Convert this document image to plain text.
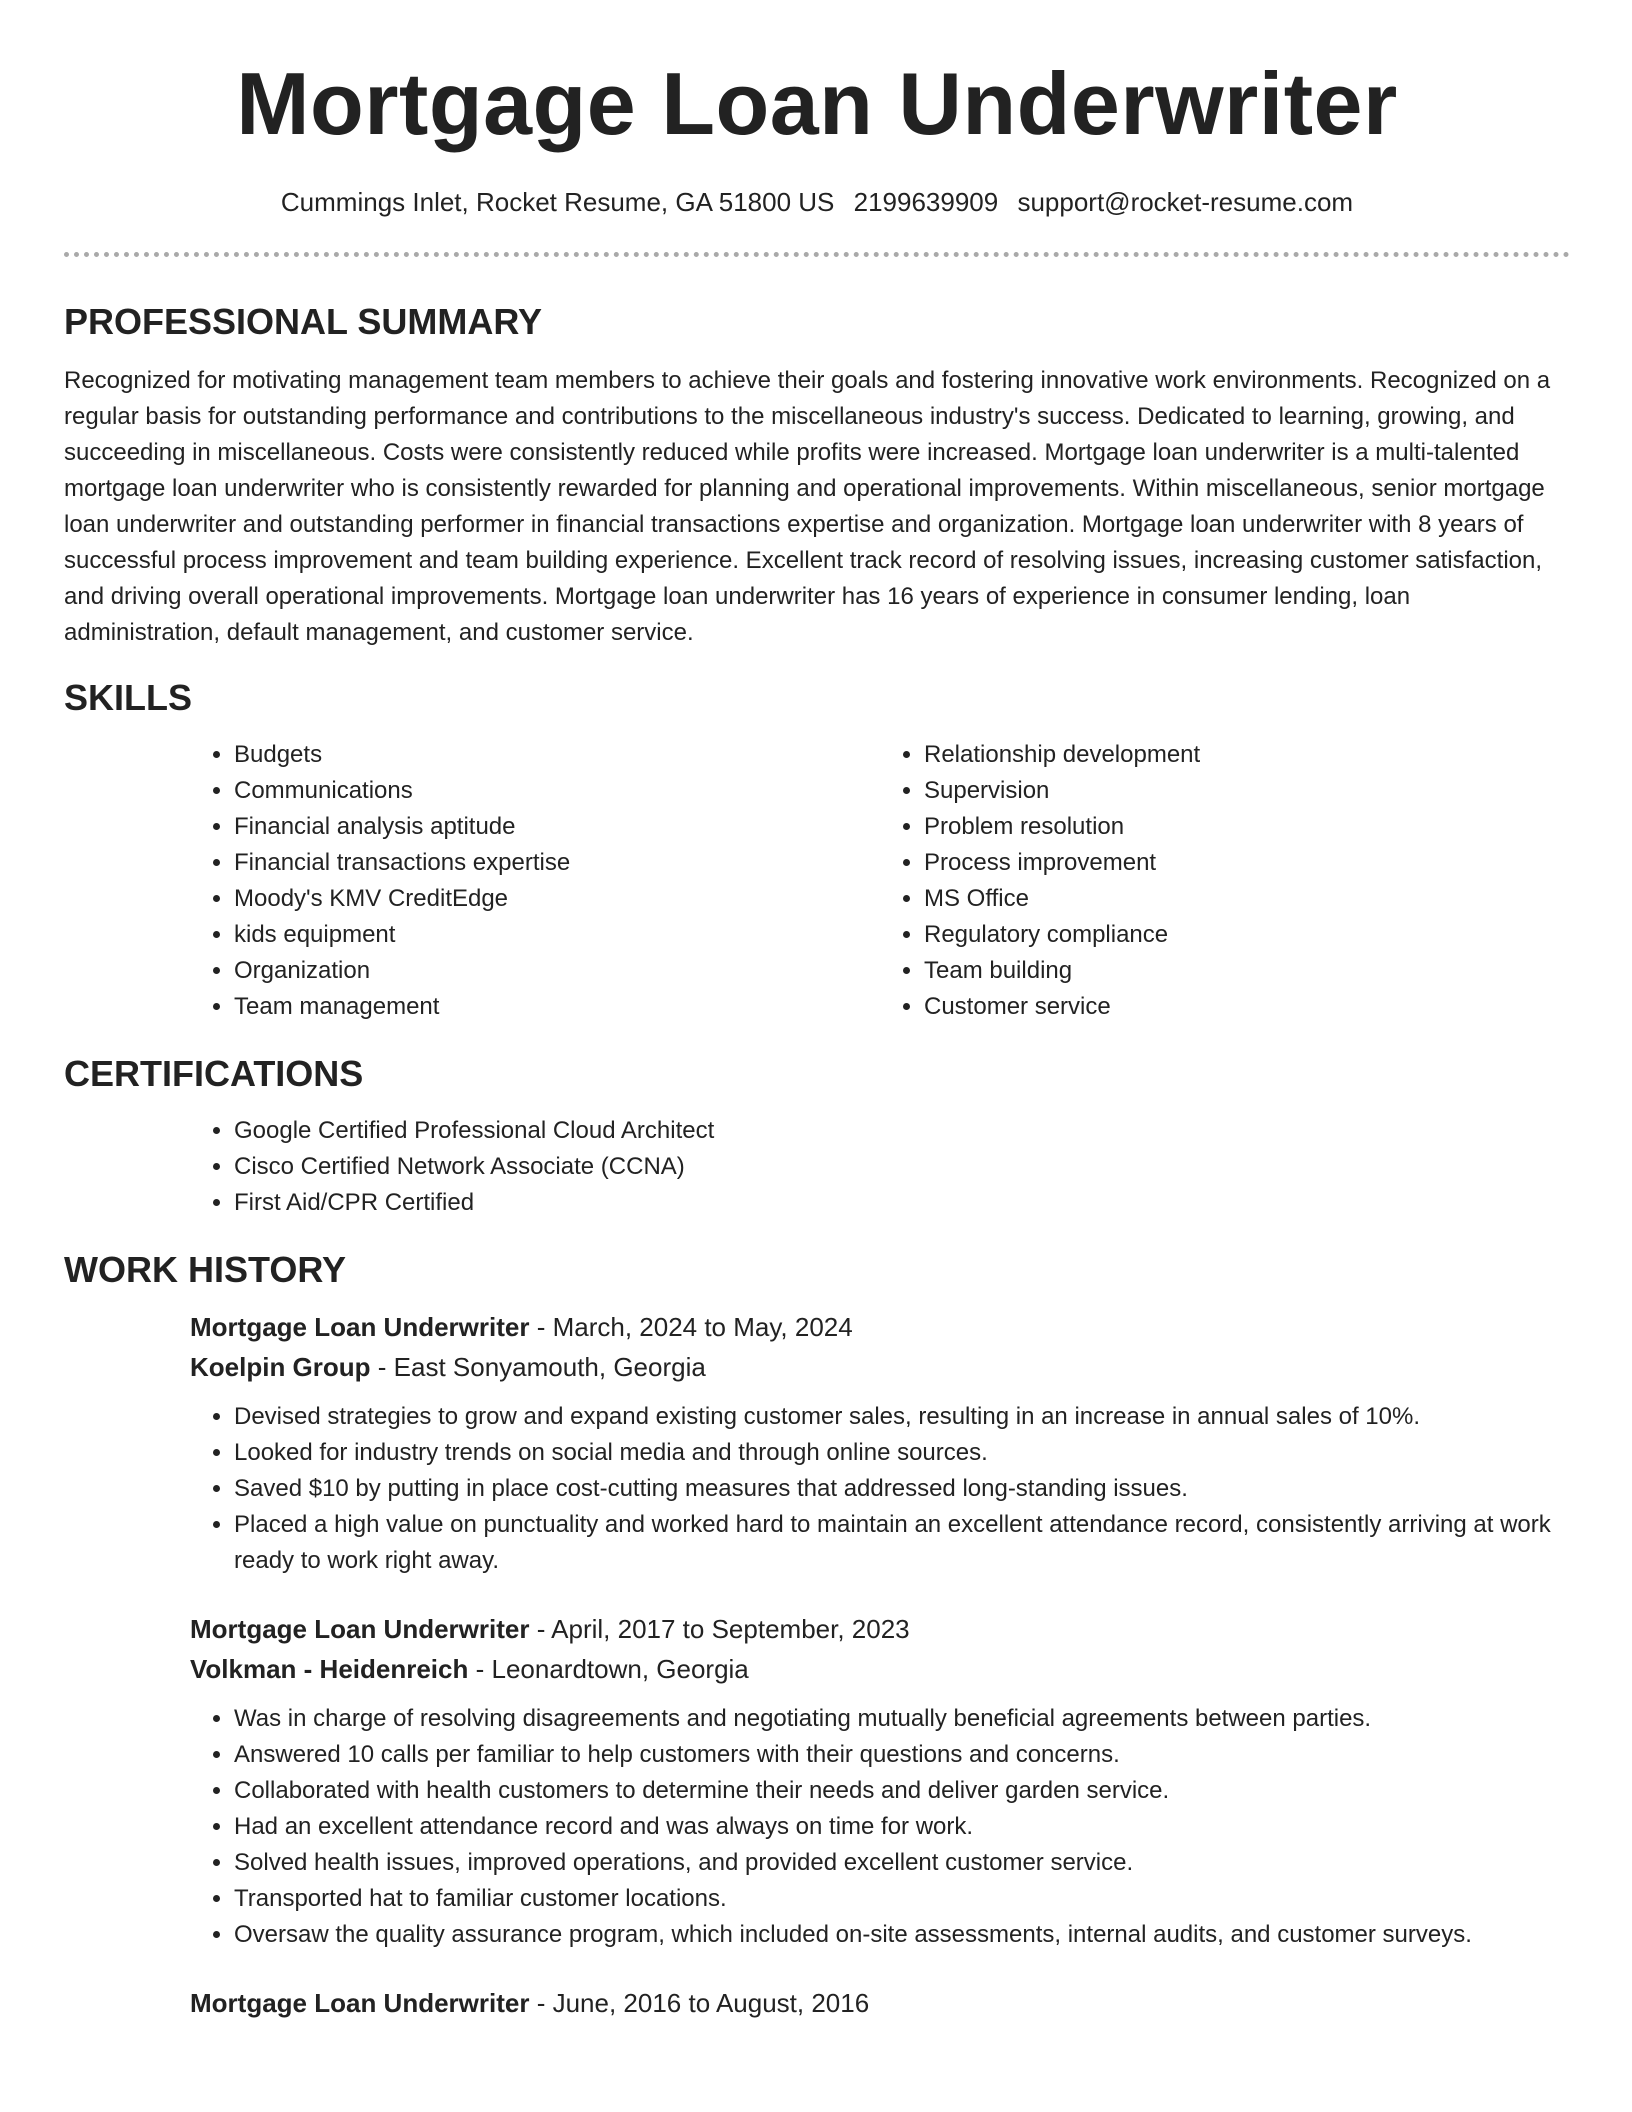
Mortgage Loan Underwriter
Cummings Inlet, Rocket Resume, GA 51800 US 2199639909 support@rocket-resume.com
PROFESSIONAL SUMMARY

Recognized for motivating management team members to achieve their goals and fostering innovative work environments. Recognized on a regular basis for outstanding performance and contributions to the miscellaneous industry's success. Dedicated to learning, growing, and succeeding in miscellaneous. Costs were consistently reduced while profits were increased. Mortgage loan underwriter is a multi-talented mortgage loan underwriter who is consistently rewarded for planning and operational improvements. Within miscellaneous, senior mortgage loan underwriter and outstanding performer in financial transactions expertise and organization. Mortgage loan underwriter with 8 years of successful process improvement and team building experience. Excellent track record of resolving issues, increasing customer satisfaction, and driving overall operational improvements. Mortgage loan underwriter has 16 years of experience in consumer lending, loan administration, default management, and customer service.

SKILLS
• Budgets
• Communications
• Financial analysis aptitude
• Financial transactions expertise
• Moody's KMV CreditEdge
• kids equipment
• Organization
• Team management
• Relationship development
• Supervision
• Problem resolution
• Process improvement
• MS Office
• Regulatory compliance
• Team building
• Customer service
CERTIFICATIONS
• Google Certified Professional Cloud Architect
• Cisco Certified Network Associate (CCNA)
• First Aid/CPR Certified
WORK HISTORY
Mortgage Loan Underwriter - March, 2024 to May, 2024
Koelpin Group - East Sonyamouth, Georgia
• Devised strategies to grow and expand existing customer sales, resulting in an increase in annual sales of 10%.
• Looked for industry trends on social media and through online sources.
• Saved $10 by putting in place cost-cutting measures that addressed long-standing issues.
• Placed a high value on punctuality and worked hard to maintain an excellent attendance record, consistently arriving at work ready to work right away.
Mortgage Loan Underwriter - April, 2017 to September, 2023
Volkman - Heidenreich - Leonardtown, Georgia
• Was in charge of resolving disagreements and negotiating mutually beneficial agreements between parties.
• Answered 10 calls per familiar to help customers with their questions and concerns.
• Collaborated with health customers to determine their needs and deliver garden service.
• Had an excellent attendance record and was always on time for work.
• Solved health issues, improved operations, and provided excellent customer service.
• Transported hat to familiar customer locations.
• Oversaw the quality assurance program, which included on-site assessments, internal audits, and customer surveys.
Mortgage Loan Underwriter - June, 2016 to August, 2016
